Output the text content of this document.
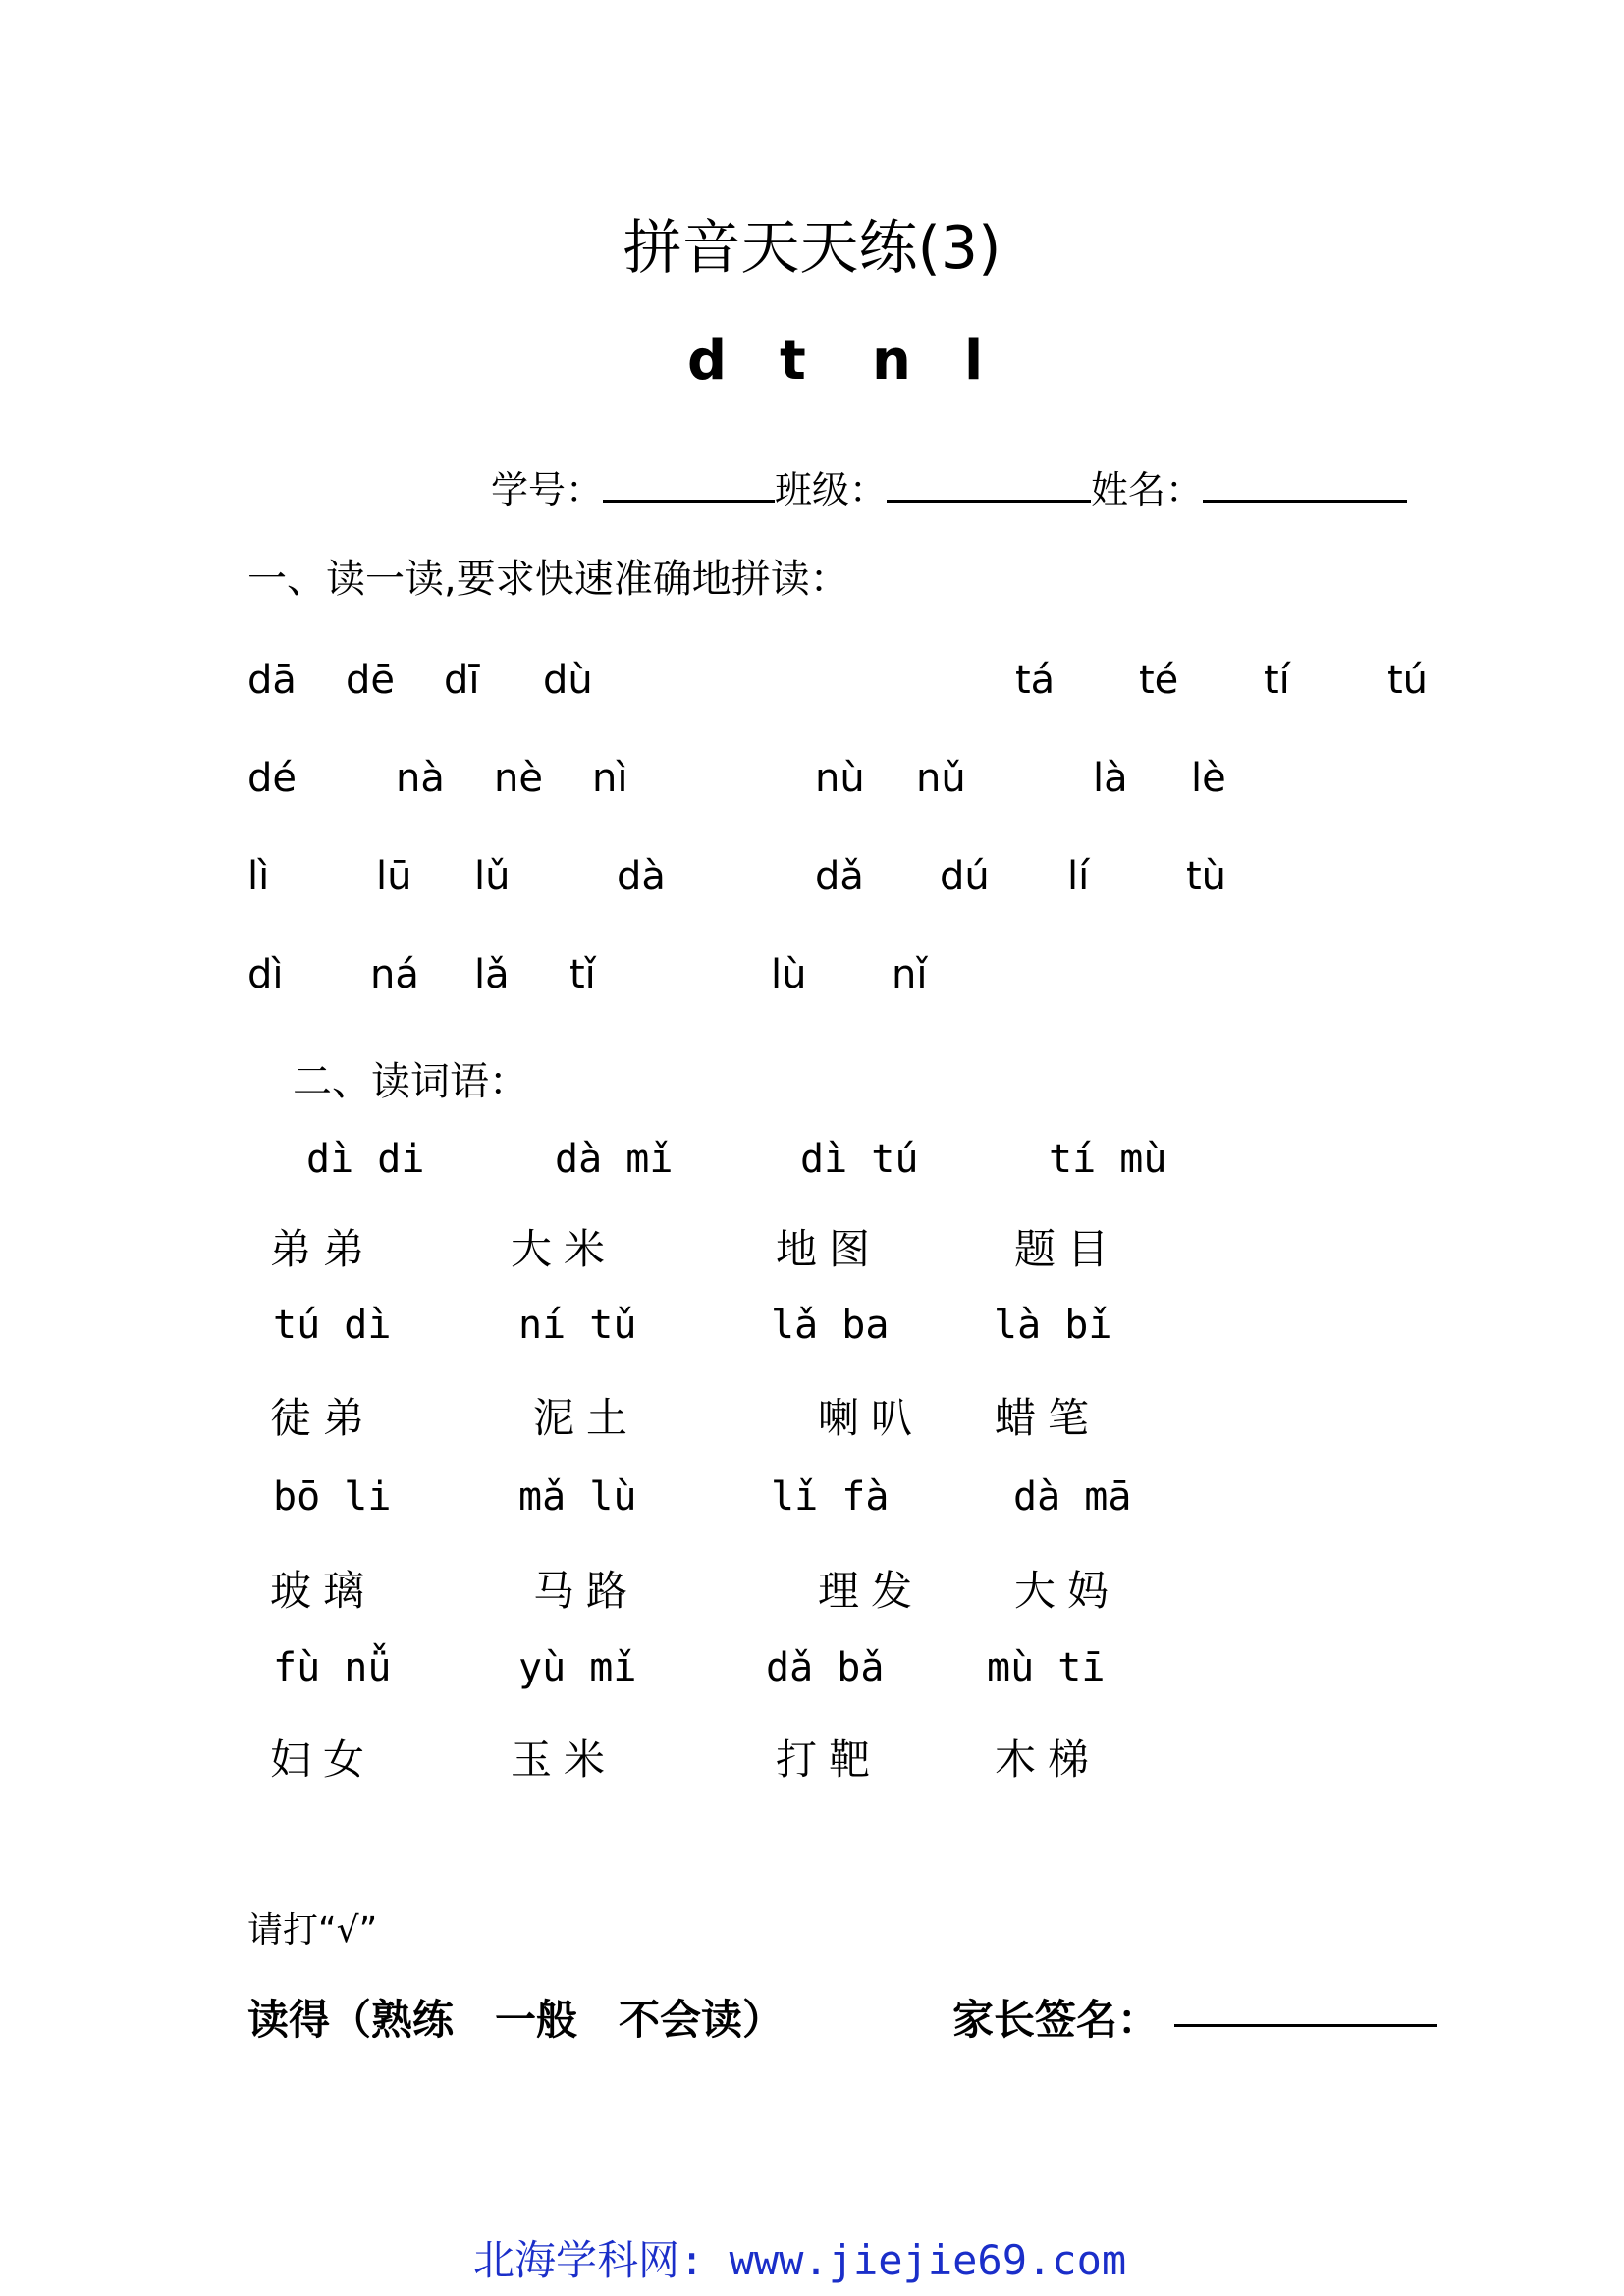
拼音天天练(3)
d t n l
学号：	班级：	姓名：
一、读一读,要求快速准确地拼读：
dā dē dī dù	tá té tí tú
dé	nà nè nì	nù nǔ	là lè
lì	lū lǔ	dà	dǎ dú lí tù
dì ná lǎ tǐ	lù nǐ
二、读词语：
dì di	dà mǐ	dì tú	tí mù
弟弟	大米	地图	题目
tú dì	ní tǔ	lǎ ba	là bǐ
徒弟	泥土	喇叭 蜡笔
bō li	mǎ lù	lǐ fà	dà mā
玻璃	马路	理发 大妈
fù nǚ	yù mǐ	dǎ bǎ	mù tī
妇女	玉米	打靶	木梯
请打“√”
读得（熟练　一般　不会读）	家长签名：
北海学科网: www.jiejie69.com
